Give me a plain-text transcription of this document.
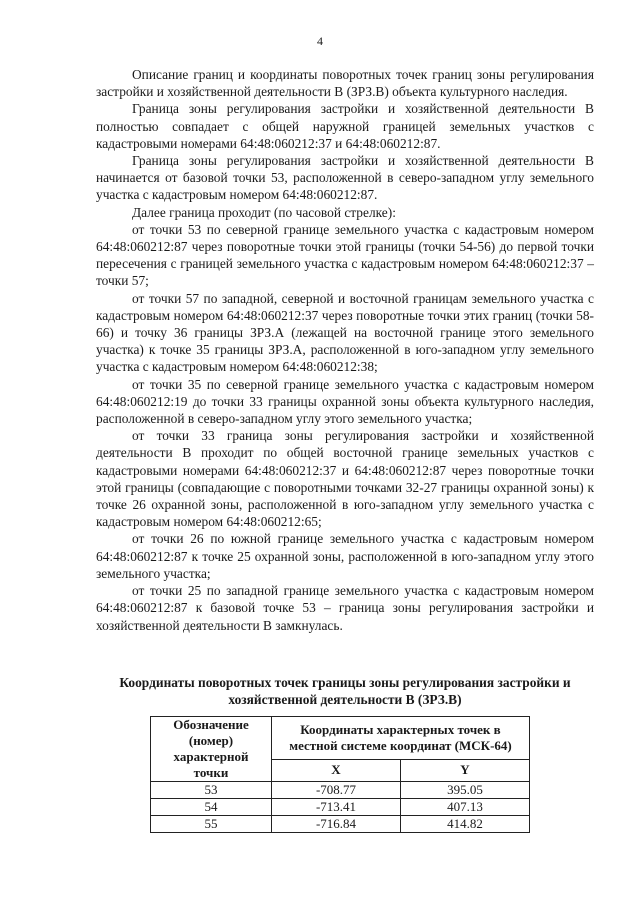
4

Описание границ и координаты поворотных точек границ зоны регулирования застройки и хозяйственной деятельности В (ЗРЗ.В) объекта культурного наследия.

Граница зоны регулирования застройки и хозяйственной деятельности В полностью совпадает с общей наружной границей земельных участков с кадастровыми номерами 64:48:060212:37 и 64:48:060212:87.

Граница зоны регулирования застройки и хозяйственной деятельности В начинается от базовой точки 53, расположенной в северо-западном углу земельного участка с кадастровым номером 64:48:060212:87.

Далее граница проходит (по часовой стрелке):

от точки 53 по северной границе земельного участка с кадастровым номером 64:48:060212:87 через поворотные точки этой границы (точки 54-56) до первой точки пересечения с границей земельного участка с кадастровым номером 64:48:060212:37 – точки 57;

от точки 57 по западной, северной и восточной границам земельного участка с кадастровым номером 64:48:060212:37 через поворотные точки этих границ (точки 58-66) и точку 36 границы ЗРЗ.А (лежащей на восточной границе этого земельного участка) к точке 35 границы ЗРЗ.А, расположенной в юго-западном углу земельного участка с кадастровым номером 64:48:060212:38;

от точки 35 по северной границе земельного участка с кадастровым номером 64:48:060212:19 до точки 33 границы охранной зоны объекта культурного наследия, расположенной в северо-западном углу этого земельного участка;

от точки 33 граница зоны регулирования застройки и хозяйственной деятельности В проходит по общей восточной границе земельных участков с кадастровыми номерами 64:48:060212:37 и 64:48:060212:87 через поворотные точки этой границы (совпадающие с поворотными точками 32-27 границы охранной зоны) к точке 26 охранной зоны, расположенной в юго-западном углу земельного участка с кадастровым номером 64:48:060212:65;

от точки 26 по южной границе земельного участка с кадастровым номером 64:48:060212:87 к точке 25 охранной зоны, расположенной в юго-западном углу этого земельного участка;

от точки 25 по западной границе земельного участка с кадастровым номером 64:48:060212:87 к базовой точке 53 – граница зоны регулирования застройки и хозяйственной деятельности В замкнулась.

Координаты поворотных точек границы зоны регулирования застройки и хозяйственной деятельности В (ЗРЗ.В)
Обозначение (номер) характерной точки	Координаты характерных точек в местной системе координат (МСК-64)	
	X	Y
53	-708.77	395.05
54	-713.41	407.13
55	-716.84	414.82
